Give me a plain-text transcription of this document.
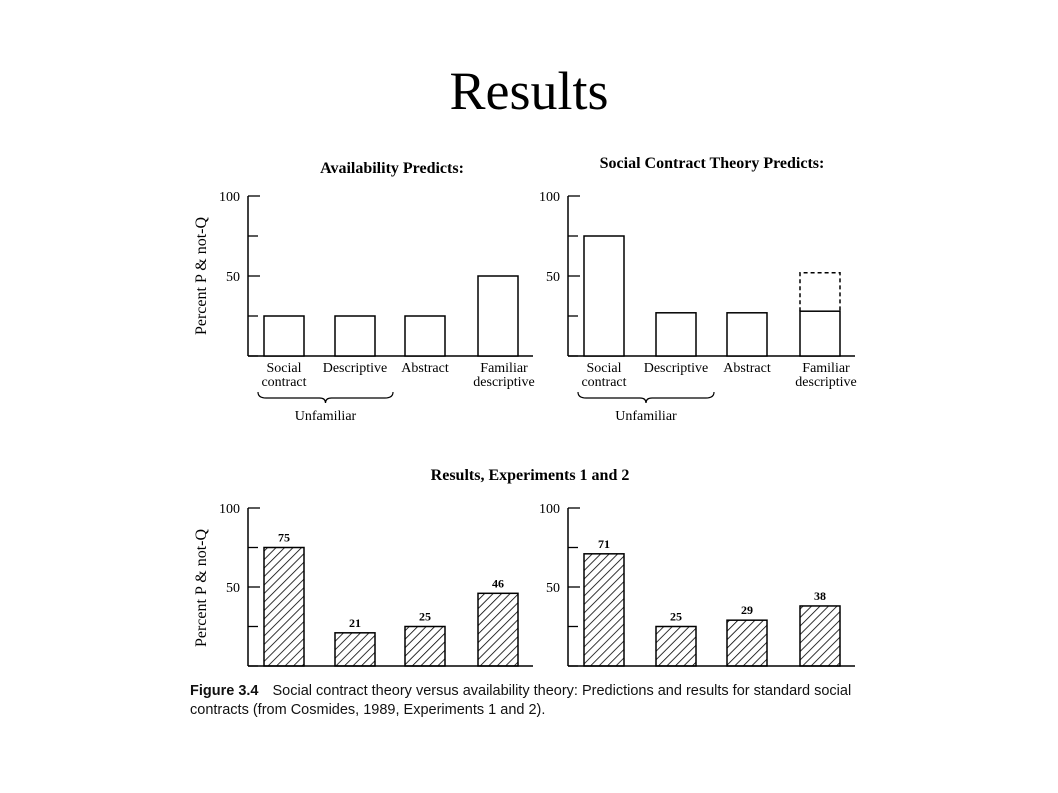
Results
Results, Experiments 1 and 2
Availability Predicts:
Percent P & not-Q
100
50
Social
contract
Descriptive Abstract Familiar
descriptive
Unfamiliar
Social Contract Theory Predicts:
100
50
Social
contract
Descriptive Abstract Familiar
descriptive
Unfamiliar
Percent P & not-Q
100
50
75
21	25
46
100
50
71
25	29
38
Figure 3.4 Social contract theory versus availability theory: Predictions and results for standard social contracts (from Cosmides, 1989, Experiments 1 and 2).
